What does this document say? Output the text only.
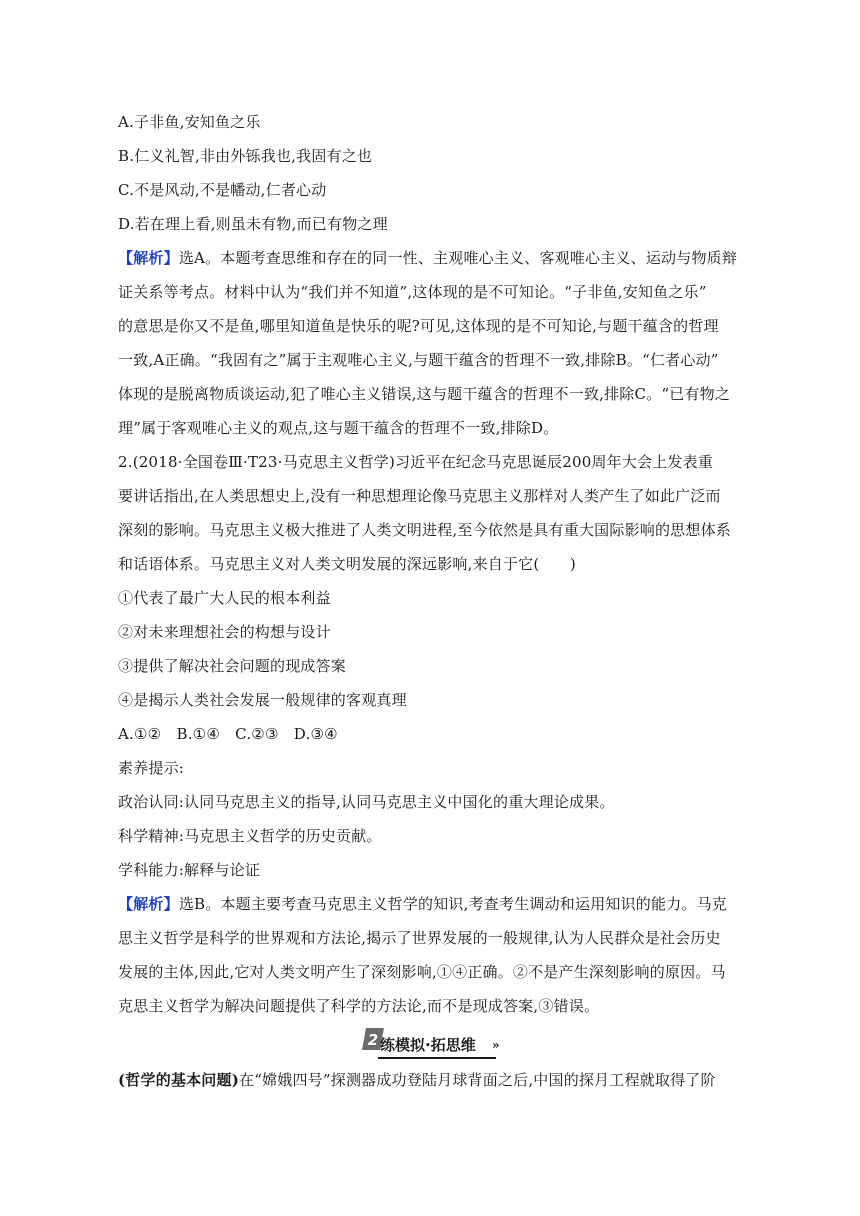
A.子非鱼,安知鱼之乐
B.仁义礼智,非由外铄我也,我固有之也
C.不是风动,不是幡动,仁者心动
D.若在理上看,则虽未有物,而已有物之理
【解析】选A。本题考查思维和存在的同一性、主观唯心主义、客观唯心主义、运动与物质辩
证关系等考点。材料中认为“我们并不知道”,这体现的是不可知论。“子非鱼,安知鱼之乐”
的意思是你又不是鱼,哪里知道鱼是快乐的呢?可见,这体现的是不可知论,与题干蕴含的哲理
一致,A正确。“我固有之”属于主观唯心主义,与题干蕴含的哲理不一致,排除B。“仁者心动”
体现的是脱离物质谈运动,犯了唯心主义错误,这与题干蕴含的哲理不一致,排除C。“已有物之
理”属于客观唯心主义的观点,这与题干蕴含的哲理不一致,排除D。
2.(2018·全国卷Ⅲ·T23·马克思主义哲学)习近平在纪念马克思诞辰200周年大会上发表重
要讲话指出,在人类思想史上,没有一种思想理论像马克思主义那样对人类产生了如此广泛而
深刻的影响。马克思主义极大推进了人类文明进程,至今依然是具有重大国际影响的思想体系
和话语体系。马克思主义对人类文明发展的深远影响,来自于它(　　)
①代表了最广大人民的根本利益
②对未来理想社会的构想与设计
③提供了解决社会问题的现成答案
④是揭示人类社会发展一般规律的客观真理
A.①②　B.①④　C.②③　D.③④
素养提示:
政治认同:认同马克思主义的指导,认同马克思主义中国化的重大理论成果。
科学精神:马克思主义哲学的历史贡献。
学科能力:解释与论证
【解析】选B。本题主要考查马克思主义哲学的知识,考查考生调动和运用知识的能力。马克
思主义哲学是科学的世界观和方法论,揭示了世界发展的一般规律,认为人民群众是社会历史
发展的主体,因此,它对人类文明产生了深刻影响,①④正确。②不是产生深刻影响的原因。马
克思主义哲学为解决问题提供了科学的方法论,而不是现成答案,③错误。
2 练模拟·拓思维 »
(哲学的基本问题)在“嫦娥四号”探测器成功登陆月球背面之后,中国的探月工程就取得了阶
